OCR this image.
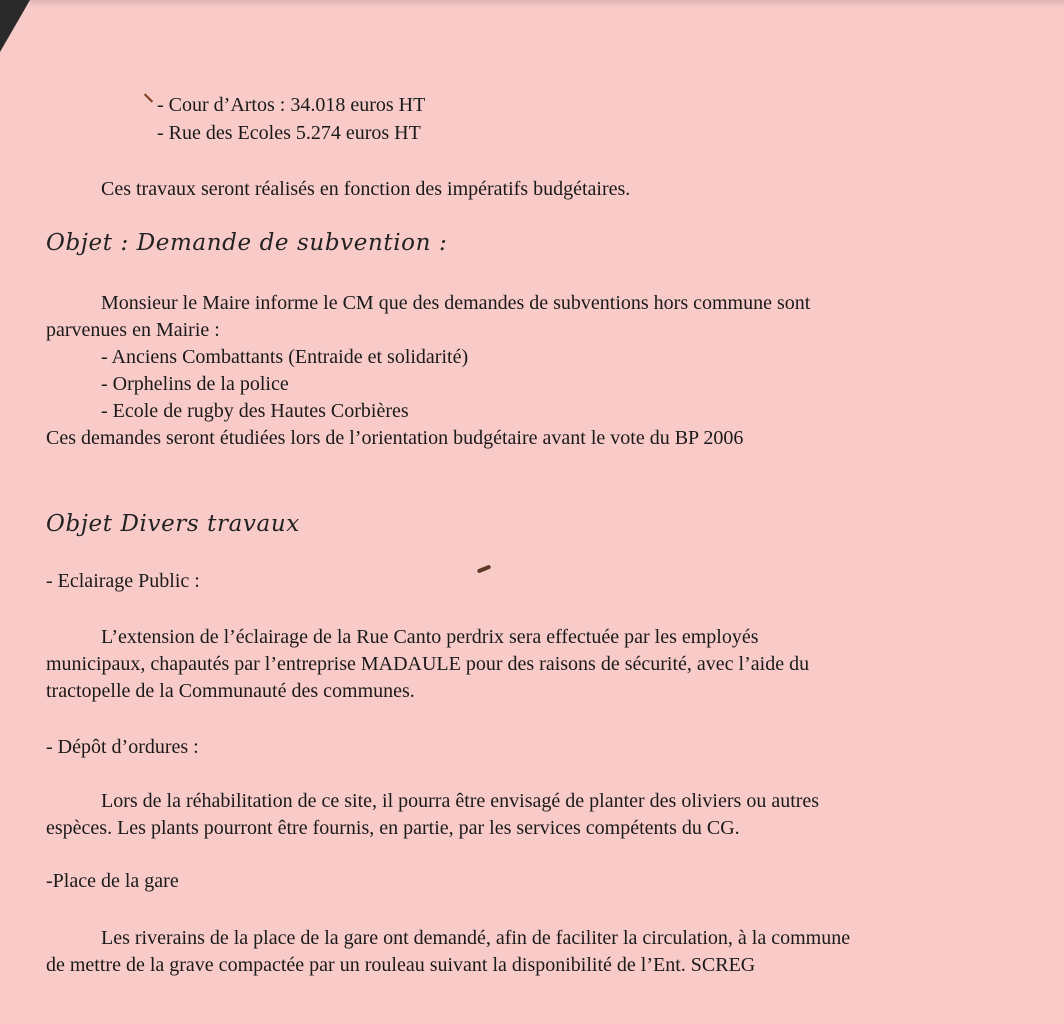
- Cour d’Artos : 34.018 euros HT
- Rue des Ecoles 5.274 euros HT
Ces travaux seront réalisés en fonction des impératifs budgétaires.
Objet : Demande de subvention :
Monsieur le Maire informe le CM que des demandes de subventions hors commune sont
parvenues en Mairie :
- Anciens Combattants (Entraide et solidarité)
- Orphelins de la police
- Ecole de rugby des Hautes Corbières
Ces demandes seront étudiées lors de l’orientation budgétaire avant le vote du BP 2006
Objet Divers travaux
- Eclairage Public :
L’extension de l’éclairage de la Rue Canto perdrix sera effectuée par les employés
municipaux, chapautés par l’entreprise MADAULE pour des raisons de sécurité, avec l’aide du
tractopelle de la Communauté des communes.
- Dépôt d’ordures :
Lors de la réhabilitation de ce site, il pourra être envisagé de planter des oliviers ou autres
espèces. Les plants pourront être fournis, en partie, par les services compétents du CG.
-Place de la gare
Les riverains de la place de la gare ont demandé, afin de faciliter la circulation, à la commune
de mettre de la grave compactée par un rouleau suivant la disponibilité de l’Ent. SCREG
